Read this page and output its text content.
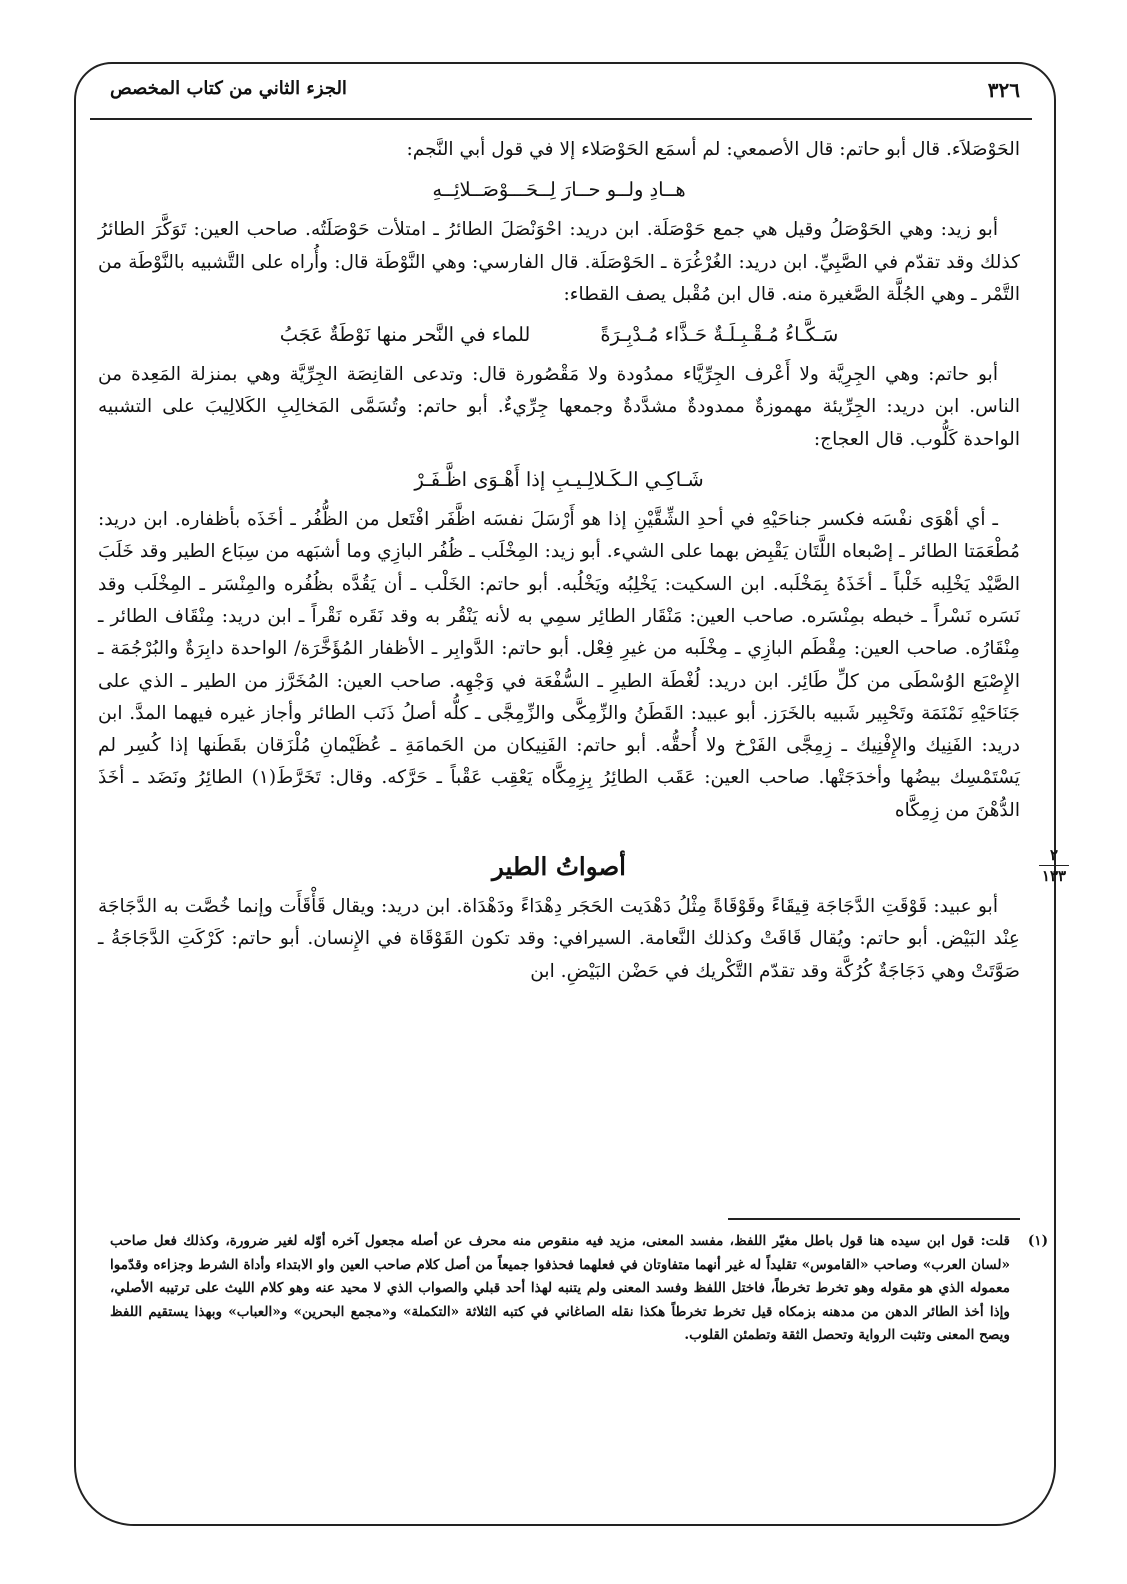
٣٢٦
الجزء الثاني من كتاب المخصص

الحَوْصَلاَء. قال أبو حاتم: قال الأصمعي: لم أسمَع الحَوْصَلاء إلا في قول أبي النَّجم:

هــادِ ولــو حــارَ لِــحَـــوْصَــلائِــهِ

أبو زيد: وهي الحَوْصَلُ وقيل هي جمع حَوْصَلَة. ابن دريد: احْوَنْصَلَ الطائرُ ـ امتلأت حَوْصَلَتُه. صاحب العين: تَوَكَّرَ الطائرُ كذلك وقد تقدّم في الصَّبِيِّ. ابن دريد: الغُرْغُرَة ـ الحَوْصَلَة. قال الفارسي: وهي النَّوْطَة قال: وأُراه على التَّشبيه بالنَّوْطَة من التَّمْر ـ وهي الجُلَّة الصَّغيرة منه. قال ابن مُقْبل يصف القطاء:

سَـكَّـاءُ مُـقْـبِـلَـةٌ حَـذَّاء مُـدْبِـرَةً
للماء في النَّحر منها نَوْطَةٌ عَجَبُ

أبو حاتم: وهي الجِرِيَّة ولا أَعْرف الجِرِّيَّاء ممدُودة ولا مَقْصُورة قال: وتدعى القانِصَة الجِرِّيَّة وهي بمنزلة المَعِدة من الناس. ابن دريد: الجِرِّيئة مهموزةٌ ممدودةٌ مشدَّدةٌ وجمعها جِرِّيءٌ. أبو حاتم: وتُسَمَّى المَخالِبِ الكَلالِيبَ على التشبيه الواحدة كَلُّوب. قال العجاج:

شَـاكِـي الـكَـلالِـيـبِ إذا أَهْـوَى اظَّـفَـرْ

ـ أي أهْوَى نفْسَه فكسر جناحَيْهِ في أحدِ الشِّقَّيْنِ إذا هو أَرْسَلَ نفسَه اظَّفَر افْتَعل من الظُّفُر ـ أخَذَه بأظفاره. ابن دريد: مُطْعَمَتا الطائر ـ إصْبعاه اللَّتَان يَقْبِض بهما على الشيء. أبو زيد: المِخْلَب ـ ظُفُر البازِي وما أشبَهه من سِبَاع الطير وقد خَلَبَ الصَّيْد يَخْلِبه خَلْباً ـ أخَذَهُ بِمَخْلَبه. ابن السكيت: يَخْلِبُه ويَخْلُبه. أبو حاتم: الخَلْب ـ أن يَقُدَّه بظُفُره والمِنْسَر ـ المِخْلَب وقد نَسَره نَسْراً ـ خبطه بمِنْسَره. صاحب العين: مَنْقَار الطائِر سمِي به لأنه يَنْقُر به وقد نَقَره نَقْراً ـ ابن دريد: مِنْقَاف الطائر ـ مِنْقَارُه. صاحب العين: مِقْطَم البازِي ـ مِخْلَبه من غيرِ فِعْل. أبو حاتم: الدَّوابِر ـ الأظفار المُؤَخَّرَة/ الواحدة دابِرَةٌ والبُرْجُمَة ـ الإِصْبَع الوُسْطَى من كلِّ طَائِر. ابن دريد: لُغْطَة الطيرِ ـ السُّفْعَة في وَجْهِه. صاحب العين: المُخَرَّز من الطير ـ الذي على جَنَاحَيْهِ نَمْنَمَة وتَحْبِير شَبيه بالخَرَز. أبو عبيد: القَطَنُ والزِّمِكَّى والزِّمِجَّى ـ كلُّه أصلُ ذَنَب الطائر وأجاز غيره فيهما المدَّ. ابن دريد: الفَنِيك والإِفْنِيك ـ زِمِجَّى الفَرْخ ولا أُحقُّه. أبو حاتم: الفَنِيكان من الحَمامَةِ ـ عُظَيْمانِ مُلْزَقان بقَطَنها إذا كُسِر لم يَسْتَمْسِك بيضُها وأخدَجَتْها. صاحب العين: عَقَب الطائِرُ بِزِمِكَّاه يَعْقِب عَقْباً ـ حَرَّكه. وقال: تَخَرَّطَ(١) الطائِرُ ونَضَد ـ أخَذَ الدُّهْنَ من زِمِكَّاه

أصواتُ الطير

أبو عبيد: قَوْقَتِ الدَّجَاجَة قِيقَاءً وقَوْقَاةً مِثْلُ دَهْدَيت الحَجَر دِهْدَاءً ودَهْدَاة. ابن دريد: ويقال قَأْقَأَت وإنما خُصَّت به الدَّجَاجَة عِنْد البَيْض. أبو حاتم: ويُقال قَاقَتْ وكذلك النَّعامة. السيرافي: وقد تكون القَوْقَاة في الإِنسان. أبو حاتم: كَرْكَتِ الدَّجَاجَةُ ـ صَوَّتَتْ وهي دَجَاجَةٌ كُرُكَّة وقد تقدّم التَّكْريك في حَضْن البَيْضِ. ابن

٢
١٣٣
(١)
قلت: قول ابن سيده هنا قول باطل مغيّر اللفظ، مفسد المعنى، مزيد فيه منقوص منه محرف عن أصله مجعول آخره أوّله لغير ضرورة، وكذلك فعل صاحب «لسان العرب» وصاحب «القاموس» تقليداً له غير أنهما متفاوتان في فعلهما فحذفوا جميعاً من أصل كلام صاحب العين واو الابتداء وأداة الشرط وجزاءه وقدّموا معموله الذي هو مقوله وهو تخرط تخرطاً، فاختل اللفظ وفسد المعنى ولم يتنبه لهذا أحد قبلي والصواب الذي لا محيد عنه وهو كلام الليث على ترتيبه الأصلي، وإذا أخذ الطائر الدهن من مدهنه بزمكاه قيل تخرط تخرطاً هكذا نقله الصاغاني في كتبه الثلاثة «التكملة» و«مجمع البحرين» و«العباب» وبهذا يستقيم اللفظ ويصح المعنى وتثبت الرواية وتحصل الثقة وتطمئن القلوب.
